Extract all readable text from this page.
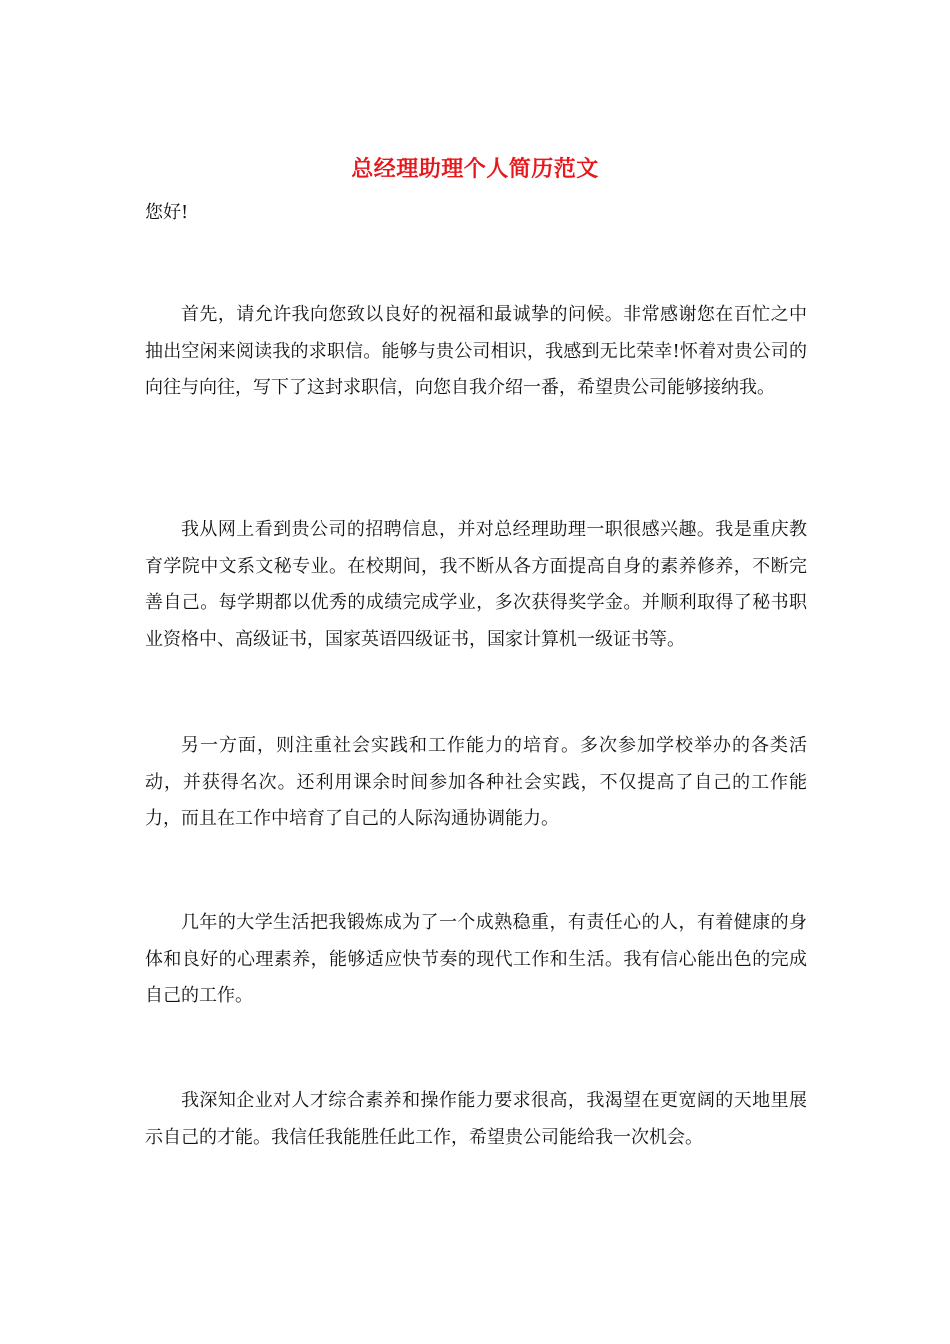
总经理助理个人简历范文
您好!

首先，请允许我向您致以良好的祝福和最诚挚的问候。非常感谢您在百忙之中抽出空闲来阅读我的求职信。能够与贵公司相识，我感到无比荣幸!怀着对贵公司的向往与向往，写下了这封求职信，向您自我介绍一番，希望贵公司能够接纳我。

我从网上看到贵公司的招聘信息，并对总经理助理一职很感兴趣。我是重庆教育学院中文系文秘专业。在校期间，我不断从各方面提高自身的素养修养，不断完善自己。每学期都以优秀的成绩完成学业，多次获得奖学金。并顺利取得了秘书职业资格中、高级证书，国家英语四级证书，国家计算机一级证书等。

另一方面，则注重社会实践和工作能力的培育。多次参加学校举办的各类活动，并获得名次。还利用课余时间参加各种社会实践，不仅提高了自己的工作能力，而且在工作中培育了自己的人际沟通协调能力。

几年的大学生活把我锻炼成为了一个成熟稳重，有责任心的人，有着健康的身体和良好的心理素养，能够适应快节奏的现代工作和生活。我有信心能出色的完成自己的工作。

我深知企业对人才综合素养和操作能力要求很高，我渴望在更宽阔的天地里展示自己的才能。我信任我能胜任此工作，希望贵公司能给我一次机会。
